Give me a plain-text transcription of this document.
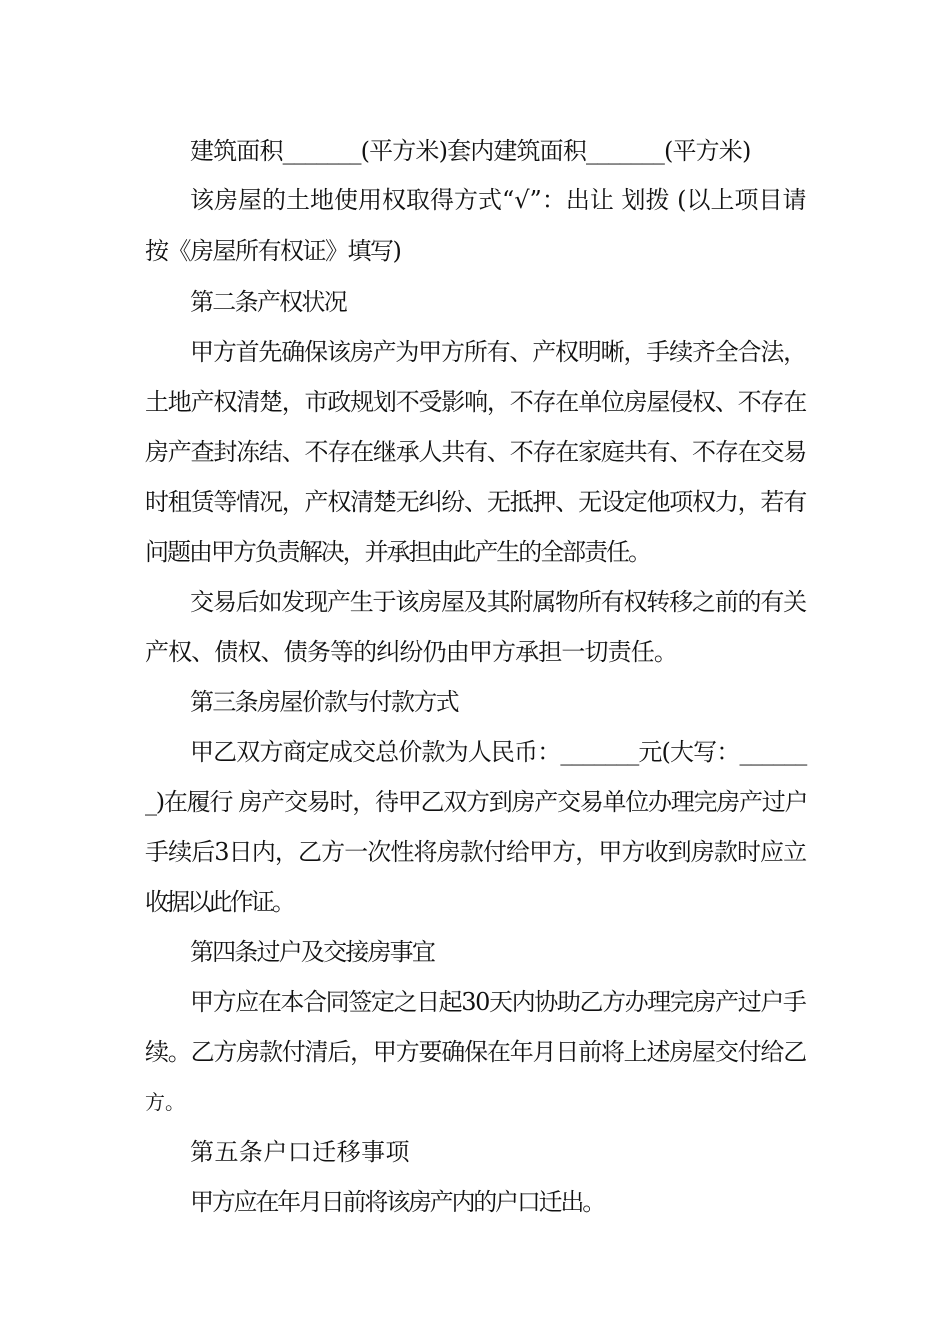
建筑面积_______(平方米)套内建筑面积_______(平方米)

该房屋的土地使用权取得方式“√”：出让 划拨 (以上项目请

按《房屋所有权证》填写)

第二条产权状况

甲方首先确保该房产为甲方所有、产权明晰，手续齐全合法，

土地产权清楚，市政规划不受影响，不存在单位房屋侵权、不存在

房产查封冻结、不存在继承人共有、不存在家庭共有、不存在交易

时租赁等情况，产权清楚无纠纷、无抵押、无设定他项权力，若有

问题由甲方负责解决，并承担由此产生的全部责任。

交易后如发现产生于该房屋及其附属物所有权转移之前的有关

产权、债权、债务等的纠纷仍由甲方承担一切责任。

第三条房屋价款与付款方式

甲乙双方商定成交总价款为人民币：_______元(大写：______

_)在履行 房产交易时，待甲乙双方到房产交易单位办理完房产过户

手续后3日内，乙方一次性将房款付给甲方，甲方收到房款时应立

收据以此作证。

第四条过户及交接房事宜

甲方应在本合同签定之日起30天内协助乙方办理完房产过户手

续。乙方房款付清后，甲方要确保在年月日前将上述房屋交付给乙

方。

第五条户口迁移事项

甲方应在年月日前将该房产内的户口迁出。
